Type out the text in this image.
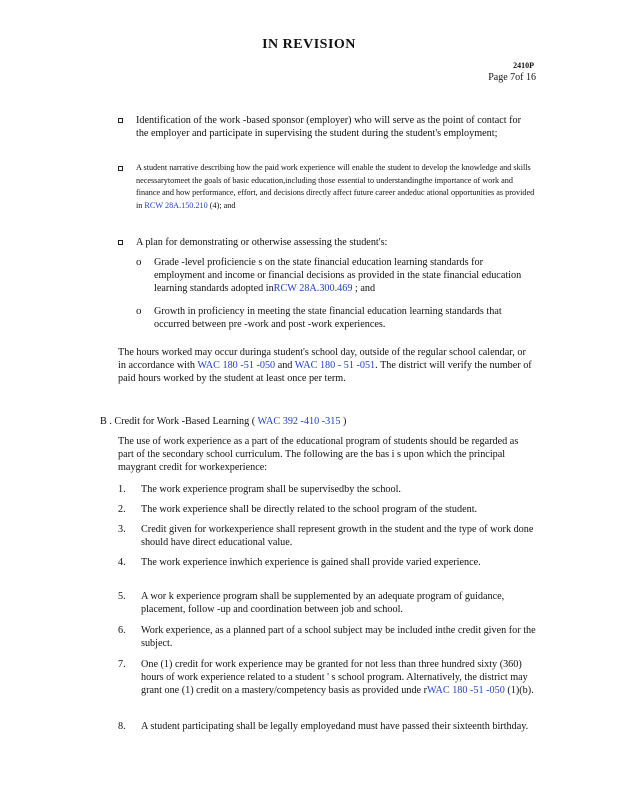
IN REVISION
2410P
Page 7of 16

Identification of the work -based sponsor (employer) who will serve as the point of contact for the employer and participate in supervising the student during the student's employment;

A student narrative describing how the paid work experience will enable the student to develop the knowledge and skills necessarytomeet the goals of basic education,including those essential to understandingthe importance of work and finance and how performance, effort, and decisions directly affect future career andeduc ational opportunities as provided in RCW 28A.150.210 (4); and

A plan for demonstrating or otherwise assessing the student's:

o Grade -level proficiencie s on the state financial education learning standards for employment and income or financial decisions as provided in the state financial education learning standards adopted inRCW 28A.300.469 ; and

o Growth in proficiency in meeting the state financial education learning standards that occurred between pre -work and post -work experiences.

The hours worked may occur duringa student's school day, outside of the regular school calendar, or in accordance with WAC 180 -51 -050 and WAC 180 - 51 -051. The district will verify the number of paid hours worked by the student at least once per term.

B . Credit for Work -Based Learning ( WAC 392 -410 -315 )

The use of work experience as a part of the educational program of students should be regarded as part of the secondary school curriculum. The following are the bas i s upon which the principal maygrant credit for workexperience:

1. The work experience program shall be supervisedby the school.

2. The work experience shall be directly related to the school program of the student.

3. Credit given for workexperience shall represent growth in the student and the type of work done should have direct educational value.

4. The work experience inwhich experience is gained shall provide varied experience.

5. A wor k experience program shall be supplemented by an adequate program of guidance, placement, follow -up and coordination between job and school.

6. Work experience, as a planned part of a school subject may be included inthe credit given for the subject.

7. One (1) credit for work experience may be granted for not less than three hundred sixty (360) hours of work experience related to a student ' s school program. Alternatively, the district may grant one (1) credit on a mastery/competency basis as provided unde rWAC 180 -51 -050 (1)(b).

8. A student participating shall be legally employedand must have passed their sixteenth birthday.
